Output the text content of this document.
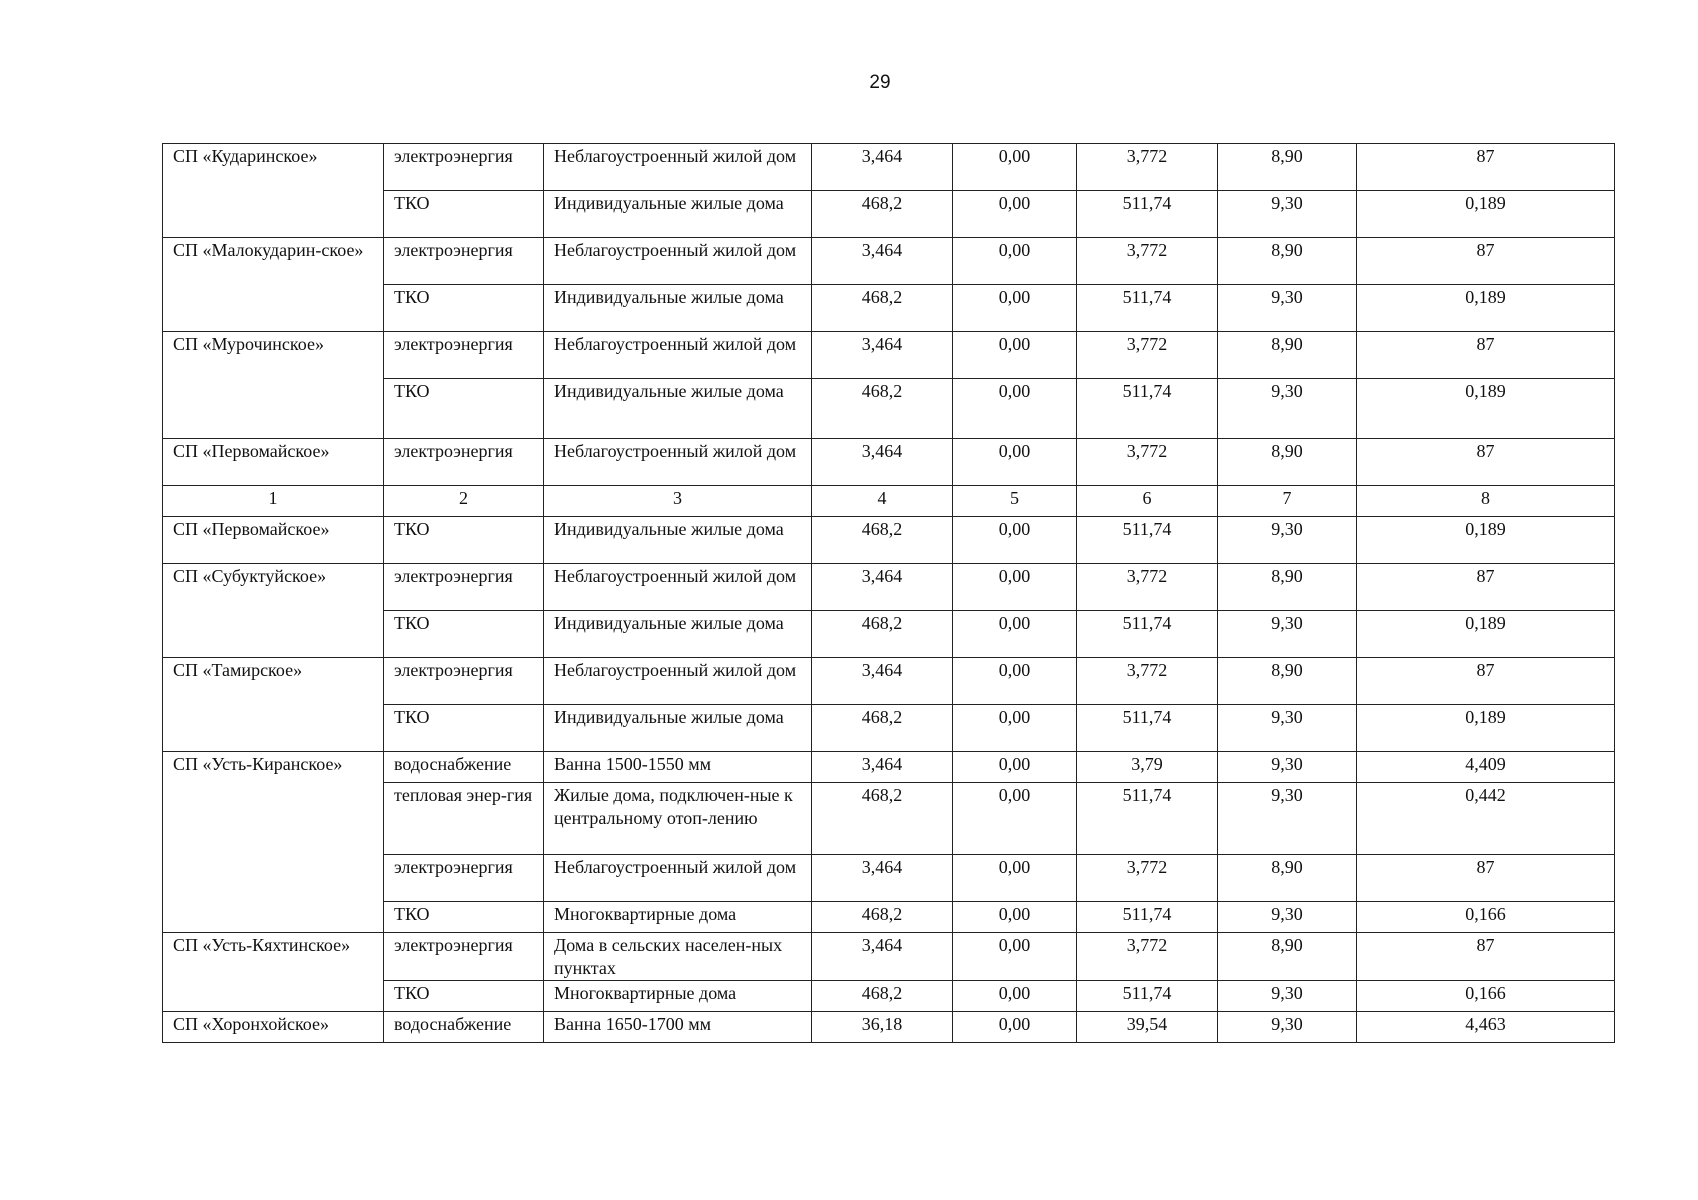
29
СП «Кударинское»	электроэнергия	Неблагоустроенный жилой дом	3,464	0,00	3,772	8,90	87
	ТКО	Индивидуальные жилые дома	468,2	0,00	511,74	9,30	0,189
СП «Малокударин-ское»	электроэнергия	Неблагоустроенный жилой дом	3,464	0,00	3,772	8,90	87
	ТКО	Индивидуальные жилые дома	468,2	0,00	511,74	9,30	0,189
СП «Мурочинское»	электроэнергия	Неблагоустроенный жилой дом	3,464	0,00	3,772	8,90	87
	ТКО	Индивидуальные жилые дома	468,2	0,00	511,74	9,30	0,189
СП «Первомайское»	электроэнергия	Неблагоустроенный жилой дом	3,464	0,00	3,772	8,90	87
1	2	3	4	5	6	7	8
СП «Первомайское»	ТКО	Индивидуальные жилые дома	468,2	0,00	511,74	9,30	0,189
СП «Субуктуйское»	электроэнергия	Неблагоустроенный жилой дом	3,464	0,00	3,772	8,90	87
	ТКО	Индивидуальные жилые дома	468,2	0,00	511,74	9,30	0,189
СП «Тамирское»	электроэнергия	Неблагоустроенный жилой дом	3,464	0,00	3,772	8,90	87
	ТКО	Индивидуальные жилые дома	468,2	0,00	511,74	9,30	0,189
СП «Усть-Киранское»	водоснабжение	Ванна 1500-1550 мм	3,464	0,00	3,79	9,30	4,409
	тепловая энер-гия	Жилые дома, подключен-ные к центральному отоп-лению	468,2	0,00	511,74	9,30	0,442
	электроэнергия	Неблагоустроенный жилой дом	3,464	0,00	3,772	8,90	87
	ТКО	Многоквартирные дома	468,2	0,00	511,74	9,30	0,166
СП «Усть-Кяхтинское»	электроэнергия	Дома в сельских населен-ных пунктах	3,464	0,00	3,772	8,90	87
	ТКО	Многоквартирные дома	468,2	0,00	511,74	9,30	0,166
СП «Хоронхойское»	водоснабжение	Ванна 1650-1700 мм	36,18	0,00	39,54	9,30	4,463
